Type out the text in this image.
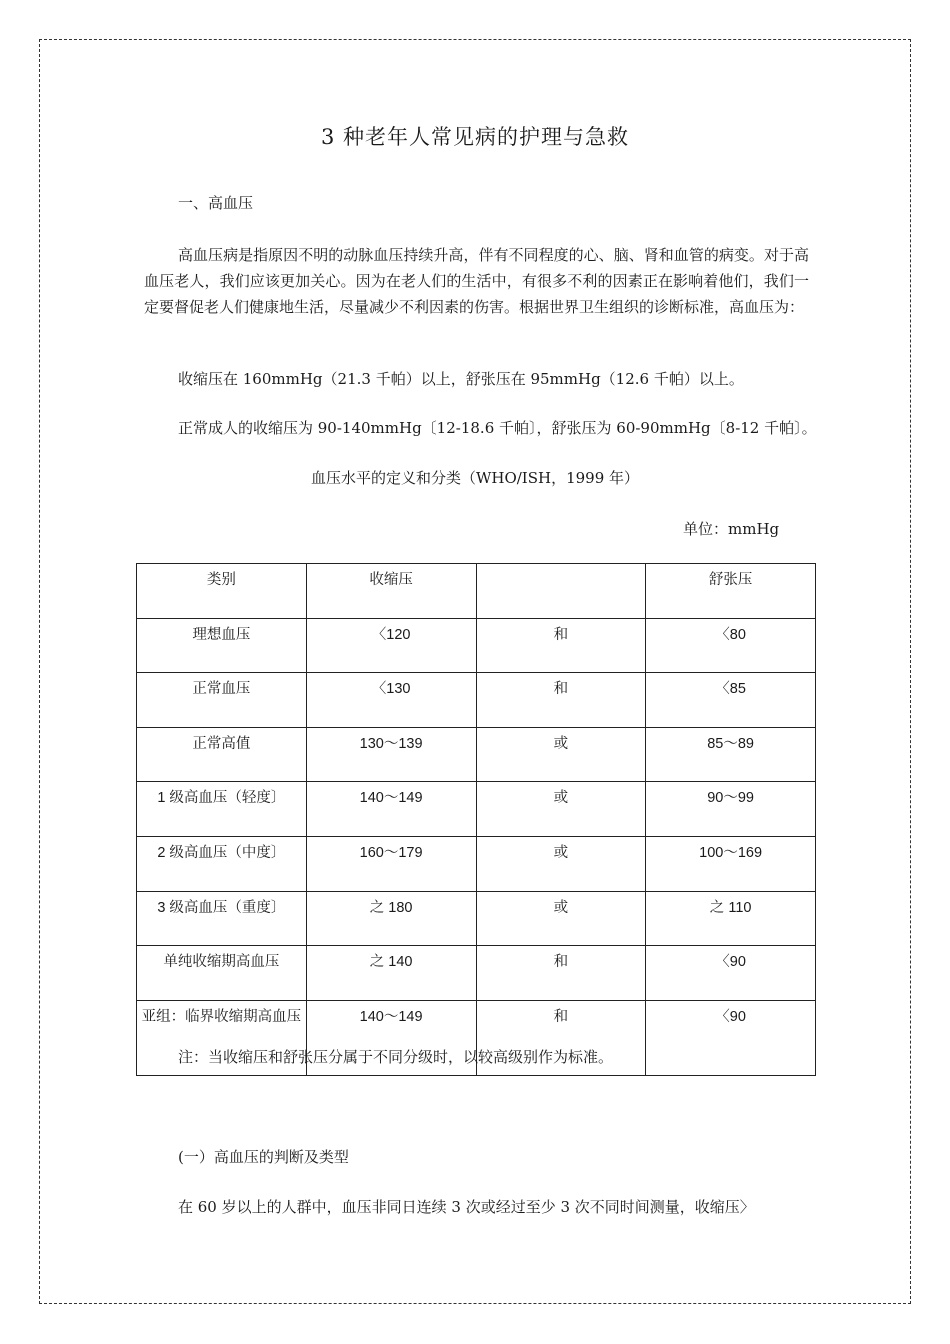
3 种老年人常见病的护理与急救
一、高血压
高血压病是指原因不明的动脉血压持续升高，伴有不同程度的心、脑、肾和血管的病变。对于高血压老人，我们应该更加关心。因为在老人们的生活中，有很多不利的因素正在影响着他们，我们一定要督促老人们健康地生活，尽量减少不利因素的伤害。根据世界卫生组织的诊断标准，高血压为：
收缩压在 160mmHg（21.3 千帕）以上，舒张压在 95mmHg（12.6 千帕）以上。
正常成人的收缩压为 90-140mmHg〔12-18.6 千帕〕，舒张压为 60-90mmHg〔8-12 千帕〕。
血压水平的定义和分类（WHO/ISH，1999 年）
单位：mmHg
类别	收缩压		舒张压
理想血压	〈120	和	〈80
正常血压	〈130	和	〈85
正常高值	130～139	或	85～89
1 级高血压（轻度〕	140～149	或	90～99
2 级高血压（中度〕	160～179	或	100～169
3 级高血压（重度〕	之 180	或	之 110
单纯收缩期高血压	之 140	和	〈90
亚组：临界收缩期高血压	140～149	和	〈90
注：当收缩压和舒张压分属于不同分级时，以较高级别作为标准。
(一）高血压的判断及类型
在 60 岁以上的人群中，血压非同日连续 3 次或经过至少 3 次不同时间测量，收缩压〉
